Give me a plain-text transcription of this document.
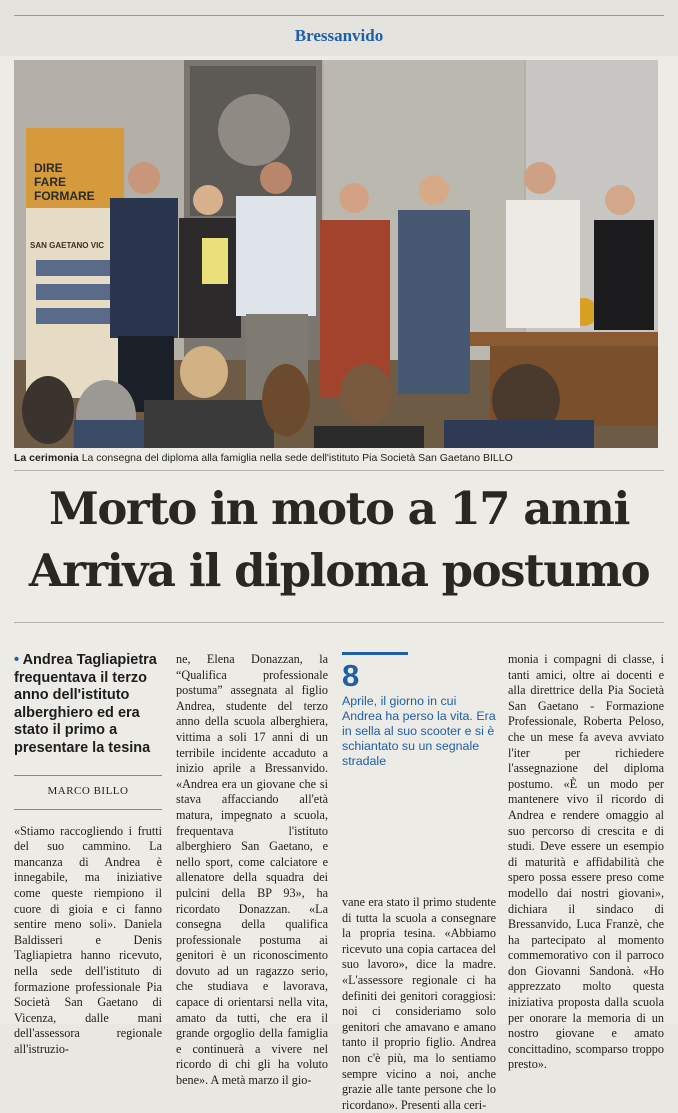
Bressanvido
DIRE
FARE
FORMARE
SAN GAETANO VIC
La cerimonia La consegna del diploma alla famiglia nella sede dell'istituto Pia Società San Gaetano BILLO
Morto in moto a 17 anni
Arriva il diploma postumo
• Andrea Tagliapietra frequentava il terzo anno dell'istituto alberghiero ed era stato il primo a presentare la tesina
MARCO BILLO
«Stiamo raccogliendo i frutti del suo cammino. La mancanza di Andrea è innegabile, ma iniziative come queste riempiono il cuore di gioia e ci fanno sentire meno soli». Daniela Baldisseri e Denis Tagliapietra hanno ricevuto, nella sede dell'istituto di formazione professionale Pia Società San Gaetano di Vicenza, dalle mani dell'assessora regionale all'istruzio-
ne, Elena Donazzan, la “Qualifica professionale postuma” assegnata al figlio Andrea, studente del terzo anno della scuola alberghiera, vittima a soli 17 anni di un terribile incidente accaduto a inizio aprile a Bressanvido. «Andrea era un giovane che si stava affacciando all'età matura, impegnato a scuola, frequentava l'istituto alberghiero San Gaetano, e nello sport, come calciatore e allenatore della squadra dei pulcini della BP 93», ha ricordato Donazzan. «La consegna della qualifica professionale postuma ai genitori è un riconoscimento dovuto ad un ragazzo serio, che studiava e lavorava, capace di orientarsi nella vita, amato da tutti, che era il grande orgoglio della famiglia e continuerà a vivere nel ricordo di chi gli ha voluto bene». A metà marzo il gio-
8
Aprile, il giorno in cui Andrea ha perso la vita. Era in sella al suo scooter e si è schiantato su un segnale stradale
vane era stato il primo studente di tutta la scuola a consegnare la propria tesina. «Abbiamo ricevuto una copia cartacea del suo lavoro», dice la madre. «L'assessore regionale ci ha definiti dei genitori coraggiosi: noi ci consideriamo solo genitori che amavano e amano tanto il proprio figlio. Andrea non c'è più, ma lo sentiamo sempre vicino a noi, anche grazie alle tante persone che lo ricordano». Presenti alla ceri-
monia i compagni di classe, i tanti amici, oltre ai docenti e alla direttrice della Pia Società San Gaetano - Formazione Professionale, Roberta Peloso, che un mese fa aveva avviato l'iter per richiedere l'assegnazione del diploma postumo. «È un modo per mantenere vivo il ricordo di Andrea e rendere omaggio al suo percorso di crescita e di studi. Deve essere un esempio di maturità e affidabilità che spero possa essere preso come modello dai nostri giovani», dichiara il sindaco di Bressanvido, Luca Franzè, che ha partecipato al momento commemorativo con il parroco don Giovanni Sandonà. «Ho apprezzato molto questa iniziativa proposta dalla scuola per onorare la memoria di un nostro giovane e amato concittadino, scomparso troppo presto».
